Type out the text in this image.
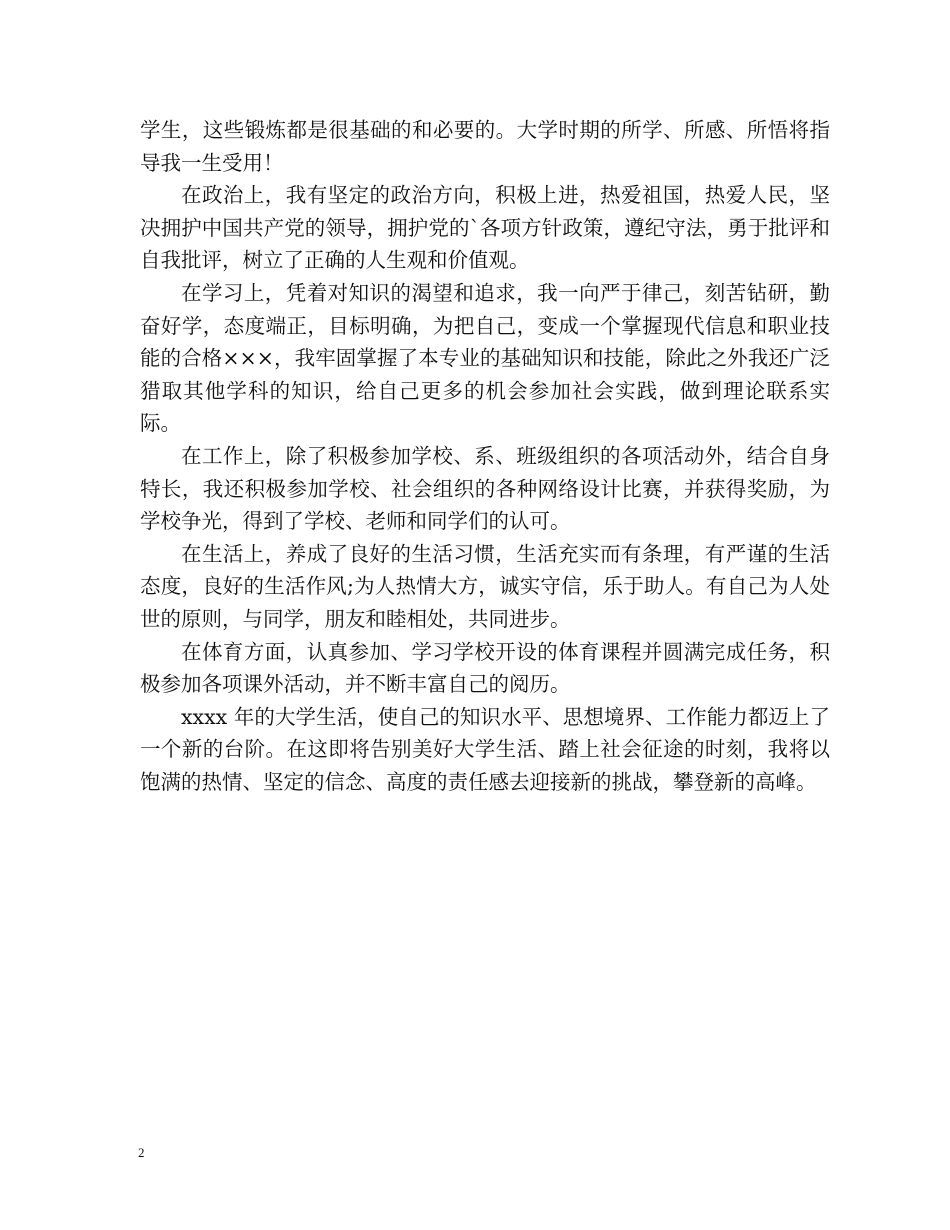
学生，这些锻炼都是很基础的和必要的。大学时期的所学、所感、所悟将指导我一生受用！

在政治上，我有坚定的政治方向，积极上进，热爱祖国，热爱人民，坚决拥护中国共产党的领导，拥护党的`各项方针政策，遵纪守法，勇于批评和自我批评，树立了正确的人生观和价值观。

在学习上，凭着对知识的渴望和追求，我一向严于律己，刻苦钻研，勤奋好学，态度端正，目标明确，为把自己，变成一个掌握现代信息和职业技能的合格×××，我牢固掌握了本专业的基础知识和技能，除此之外我还广泛猎取其他学科的知识，给自己更多的机会参加社会实践，做到理论联系实际。

在工作上，除了积极参加学校、系、班级组织的各项活动外，结合自身特长，我还积极参加学校、社会组织的各种网络设计比赛，并获得奖励，为学校争光，得到了学校、老师和同学们的认可。

在生活上，养成了良好的生活习惯，生活充实而有条理，有严谨的生活态度，良好的生活作风;为人热情大方，诚实守信，乐于助人。有自己为人处世的原则，与同学，朋友和睦相处，共同进步。

在体育方面，认真参加、学习学校开设的体育课程并圆满完成任务，积极参加各项课外活动，并不断丰富自己的阅历。

xxxx 年的大学生活，使自己的知识水平、思想境界、工作能力都迈上了一个新的台阶。在这即将告别美好大学生活、踏上社会征途的时刻，我将以饱满的热情、坚定的信念、高度的责任感去迎接新的挑战，攀登新的高峰。

2
